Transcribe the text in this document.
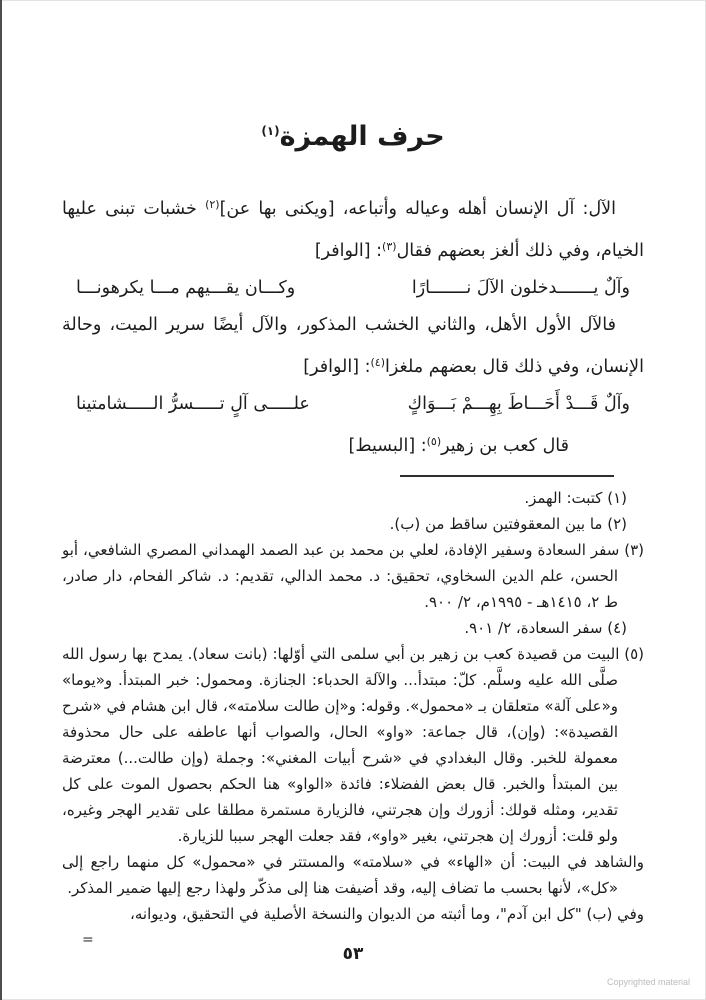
حرف الهمزة$^{(١)}$

الآل: آل الإنسان أهله وعياله وأتباعه، [ويكنى بها عن]$^{(٢)}$ خشبات تبنى عليها الخيام، وفي ذلك ألغز بعضهم فقال$^{(٣)}$: [الوافر]

وآلٌ يـــــــدخلون الآلَ نـــــــارًا
وكـــان يقـــيهم مـــا يكرهونـــا

فالآل الأول الأهل، والثاني الخشب المذكور، والآل أيضًا سرير الميت، وحالة الإنسان، وفي ذلك قال بعضهم ملغزا$^{(٤)}$: [الوافر]

وآلٌ قَـــدْ أَحَـــاطَ بِهِـــمْ بَـــوَاكٍ
علـــــى آلٍ تـــــسرُّ الـــــشامتينا

قال كعب بن زهير$^{(٥)}$: [البسيط]

(١) كتبت: الهمز.

(٢) ما بين المعقوفتين ساقط من (ب).

(٣) سفر السعادة وسفير الإفادة، لعلي بن محمد بن عبد الصمد الهمداني المصري الشافعي، أبو الحسن، علم الدين السخاوي، تحقيق: د. محمد الدالي، تقديم: د. شاكر الفحام، دار صادر، ط ٢، ١٤١٥هـ - ١٩٩٥م، ٢/ ٩٠٠.

(٤) سفر السعادة، ٢/ ٩٠١.

(٥) البيت من قصيدة كعب بن زهير بن أبي سلمى التي أوّلها: (بانت سعاد). يمدح بها رسول الله صلَّى الله عليه وسلَّم. كلّ: مبتدأ... والآلة الحدباء: الجنازة. ومحمول: خبر المبتدأ. و«يوما» و«على آلة» متعلقان بـ «محمول». وقوله: و«إن طالت سلامته»، قال ابن هشام في «شرح القصيدة»: (وإن)، قال جماعة: «واو» الحال، والصواب أنها عاطفه على حال محذوفة معمولة للخبر. وقال البغدادي في «شرح أبيات المغني»: وجملة (وإن طالت...) معترضة بين المبتدأ والخبر. قال بعض الفضلاء: فائدة «الواو» هنا الحكم بحصول الموت على كل تقدير، ومثله قولك: أزورك وإن هجرتني، فالزيارة مستمرة مطلقا على تقدير الهجر وغيره، ولو قلت: أزورك إن هجرتني، بغير «واو»، فقد جعلت الهجر سببا للزيارة.

والشاهد في البيت: أن «الهاء» في «سلامته» والمستتر في «محمول» كل منهما راجع إلى «كل»، لأنها بحسب ما تضاف إليه، وقد أضيفت هنا إلى مذكّر ولهذا رجع إليها ضمير المذكر.

وفي (ب) "كل ابن آدم"، وما أثبته من الديوان والنسخة الأصلية في التحقيق، وديوانه،

=

٥٣
Copyrighted material
